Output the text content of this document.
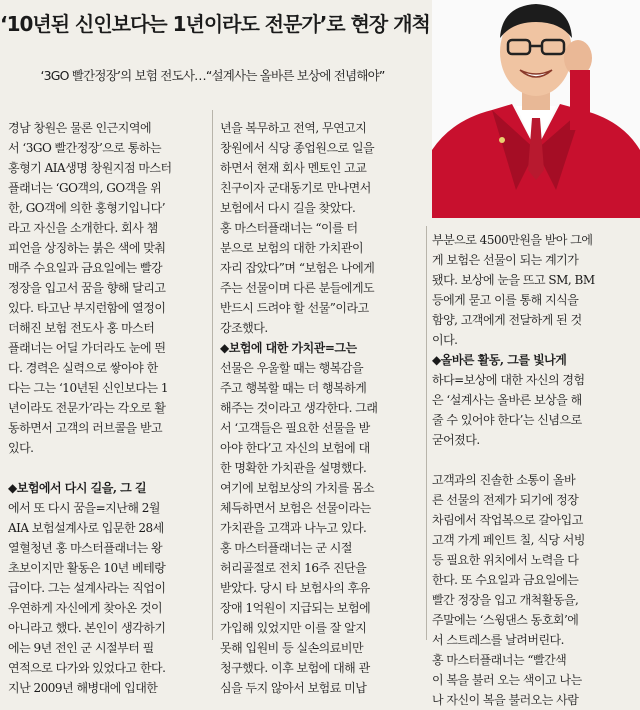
‘10년된 신인보다는 1년이라도 전문가’로 현장 개척
‘3GO 빨간정장’의 보험 전도사…“설계사는 올바른 보상에 전념해야”
경남 창원은 물론 인근지역에
서 ‘3GO 빨간정장’으로 통하는
홍형기 AIA생명 창원지점 마스터
플래너는 ‘GO객의, GO객을 위
한, GO객에 의한 홍형기입니다’
라고 자신을 소개한다. 회사 챔
피언을 상징하는 붉은 색에 맞춰
매주 수요일과 금요일에는 빨강
정장을 입고서 꿈을 향해 달리고
있다. 타고난 부지런함에 열정이
더해진 보험 전도사 홍 마스터
플래너는 어딜 가더라도 눈에 띈
다. 경력은 실력으로 쌓아야 한
다는 그는 ‘10년된 신인보다는 1
년이라도 전문가’라는 각오로 활
동하면서 고객의 러브콜을 받고
있다.

◆보험에서 다시 길을, 그 길
에서 또 다시 꿈을=지난해 2월
AIA 보험설계사로 입문한 28세
열혈청년 홍 마스터플래너는 왕
초보이지만 활동은 10년 베테랑
급이다. 그는 설계사라는 직업이
우연하게 자신에게 찾아온 것이
아니라고 했다. 본인이 생각하기
에는 9년 전인 군 시절부터 필
연적으로 다가와 있었다고 한다.
지난 2009년 해병대에 입대한
년을 복무하고 전역, 무연고지
창원에서 식당 종업원으로 일을
하면서 현재 회사 멘토인 고교
친구이자 군대동기로 만나면서
보험에서 다시 길을 찾았다.
홍 마스터플래너는 “이를 터
분으로 보험의 대한 가치관이
자리 잡았다”며 “보험은 나에게
주는 선물이며 다른 분들에게도
반드시 드려야 할 선물”이라고
강조했다.
◆보험에 대한 가치관=그는
선물은 우울할 때는 행복감을
주고 행복할 때는 더 행복하게
해주는 것이라고 생각한다. 그래
서 ‘고객들은 필요한 선물을 받
아야 한다’고 자신의 보험에 대
한 명확한 가치관을 설명했다.
여기에 보험보상의 가치를 몸소
체득하면서 보험은 선물이라는
가치관을 고객과 나누고 있다.
홍 마스터플래너는 군 시절
허리골절로 전치 16주 진단을
받았다. 당시 타 보험사의 후유
장애 1억원이 지급되는 보험에
가입해 있었지만 이를 잘 알지
못해 입원비 등 실손의료비만
청구했다. 이후 보험에 대해 관
심을 두지 않아서 보험료 미납
부분으로 4500만원을 받아 그에
게 보험은 선물이 되는 계기가
됐다. 보상에 눈을 뜨고 SM, BM
등에게 묻고 이를 통해 지식을
함양, 고객에게 전달하게 된 것
이다.
◆올바른 활동, 그를 빛나게
하다=보상에 대한 자신의 경험
은 ‘설계사는 올바른 보상을 해
줄 수 있어야 한다’는 신념으로
굳어졌다.

고객과의 진솔한 소통이 올바
른 선물의 전제가 되기에 정장
차림에서 작업복으로 갈아입고
고객 가게 페인트 칠, 식당 서빙
등 필요한 위치에서 노력을 다
한다. 또 수요일과 금요일에는
빨간 정장을 입고 개척활동을,
주말에는 ‘스윙댄스 동호회’에
서 스트레스를 날려버린다.
홍 마스터플래너는 “빨간색
이 복을 불러 오는 색이고 나는
나 자신이 복을 불러오는 사람
